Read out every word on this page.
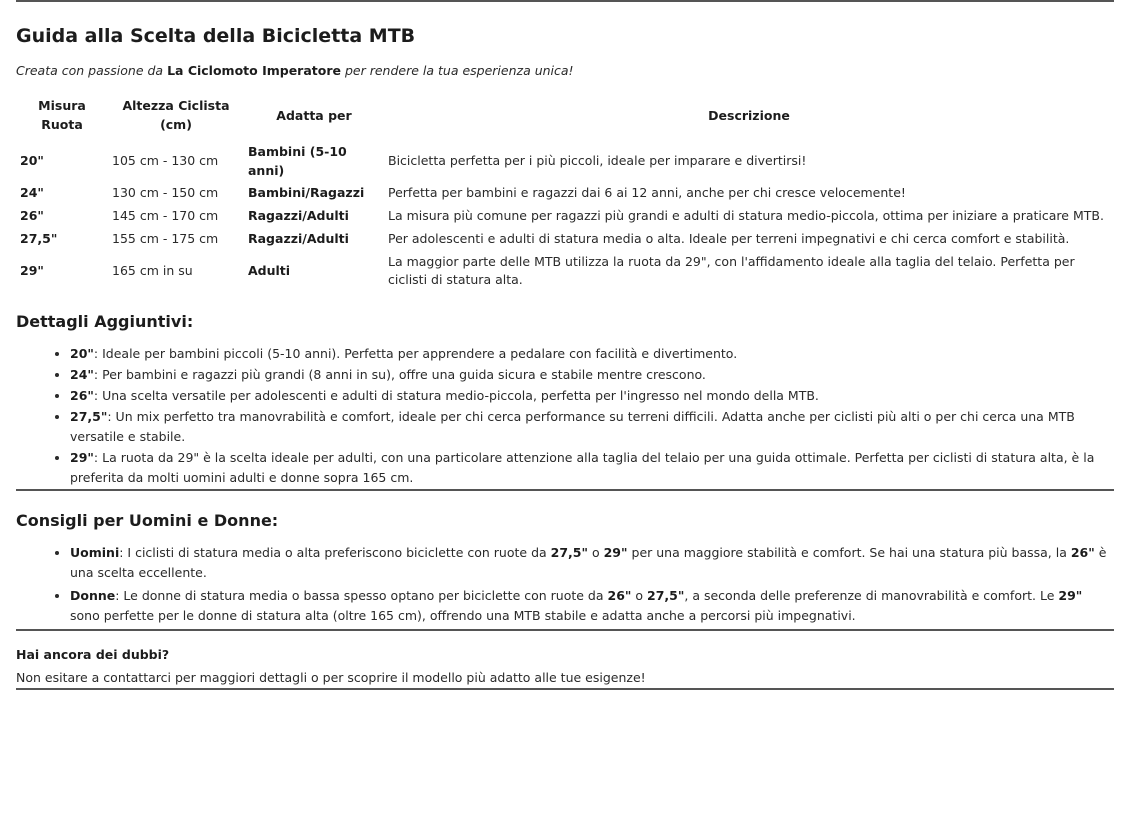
Guida alla Scelta della Bicicletta MTB

Creata con passione da La Ciclomoto Imperatore per rendere la tua esperienza unica!

Misura Ruota	Altezza Ciclista (cm)	Adatta per	Descrizione
20"	105 cm - 130 cm	Bambini (5-10 anni)	Bicicletta perfetta per i più piccoli, ideale per imparare e divertirsi!
24"	130 cm - 150 cm	Bambini/Ragazzi	Perfetta per bambini e ragazzi dai 6 ai 12 anni, anche per chi cresce velocemente!
26"	145 cm - 170 cm	Ragazzi/Adulti	La misura più comune per ragazzi più grandi e adulti di statura medio-piccola, ottima per iniziare a praticare MTB.
27,5"	155 cm - 175 cm	Ragazzi/Adulti	Per adolescenti e adulti di statura media o alta. Ideale per terreni impegnativi e chi cerca comfort e stabilità.
29"	165 cm in su	Adulti	La maggior parte delle MTB utilizza la ruota da 29", con l'affidamento ideale alla taglia del telaio. Perfetta per ciclisti di statura alta.
Dettagli Aggiuntivi:
• 20": Ideale per bambini piccoli (5-10 anni). Perfetta per apprendere a pedalare con facilità e divertimento.
• 24": Per bambini e ragazzi più grandi (8 anni in su), offre una guida sicura e stabile mentre crescono.
• 26": Una scelta versatile per adolescenti e adulti di statura medio-piccola, perfetta per l'ingresso nel mondo della MTB.
• 27,5": Un mix perfetto tra manovrabilità e comfort, ideale per chi cerca performance su terreni difficili. Adatta anche per ciclisti più alti o per chi cerca una MTB versatile e stabile.
• 29": La ruota da 29" è la scelta ideale per adulti, con una particolare attenzione alla taglia del telaio per una guida ottimale. Perfetta per ciclisti di statura alta, è la preferita da molti uomini adulti e donne sopra 165 cm.
Consigli per Uomini e Donne:
• Uomini: I ciclisti di statura media o alta preferiscono biciclette con ruote da 27,5" o 29" per una maggiore stabilità e comfort. Se hai una statura più bassa, la 26" è una scelta eccellente.
• Donne: Le donne di statura media o bassa spesso optano per biciclette con ruote da 26" o 27,5", a seconda delle preferenze di manovrabilità e comfort. Le 29" sono perfette per le donne di statura alta (oltre 165 cm), offrendo una MTB stabile e adatta anche a percorsi più impegnativi.

Hai ancora dei dubbi?

Non esitare a contattarci per maggiori dettagli o per scoprire il modello più adatto alle tue esigenze!
